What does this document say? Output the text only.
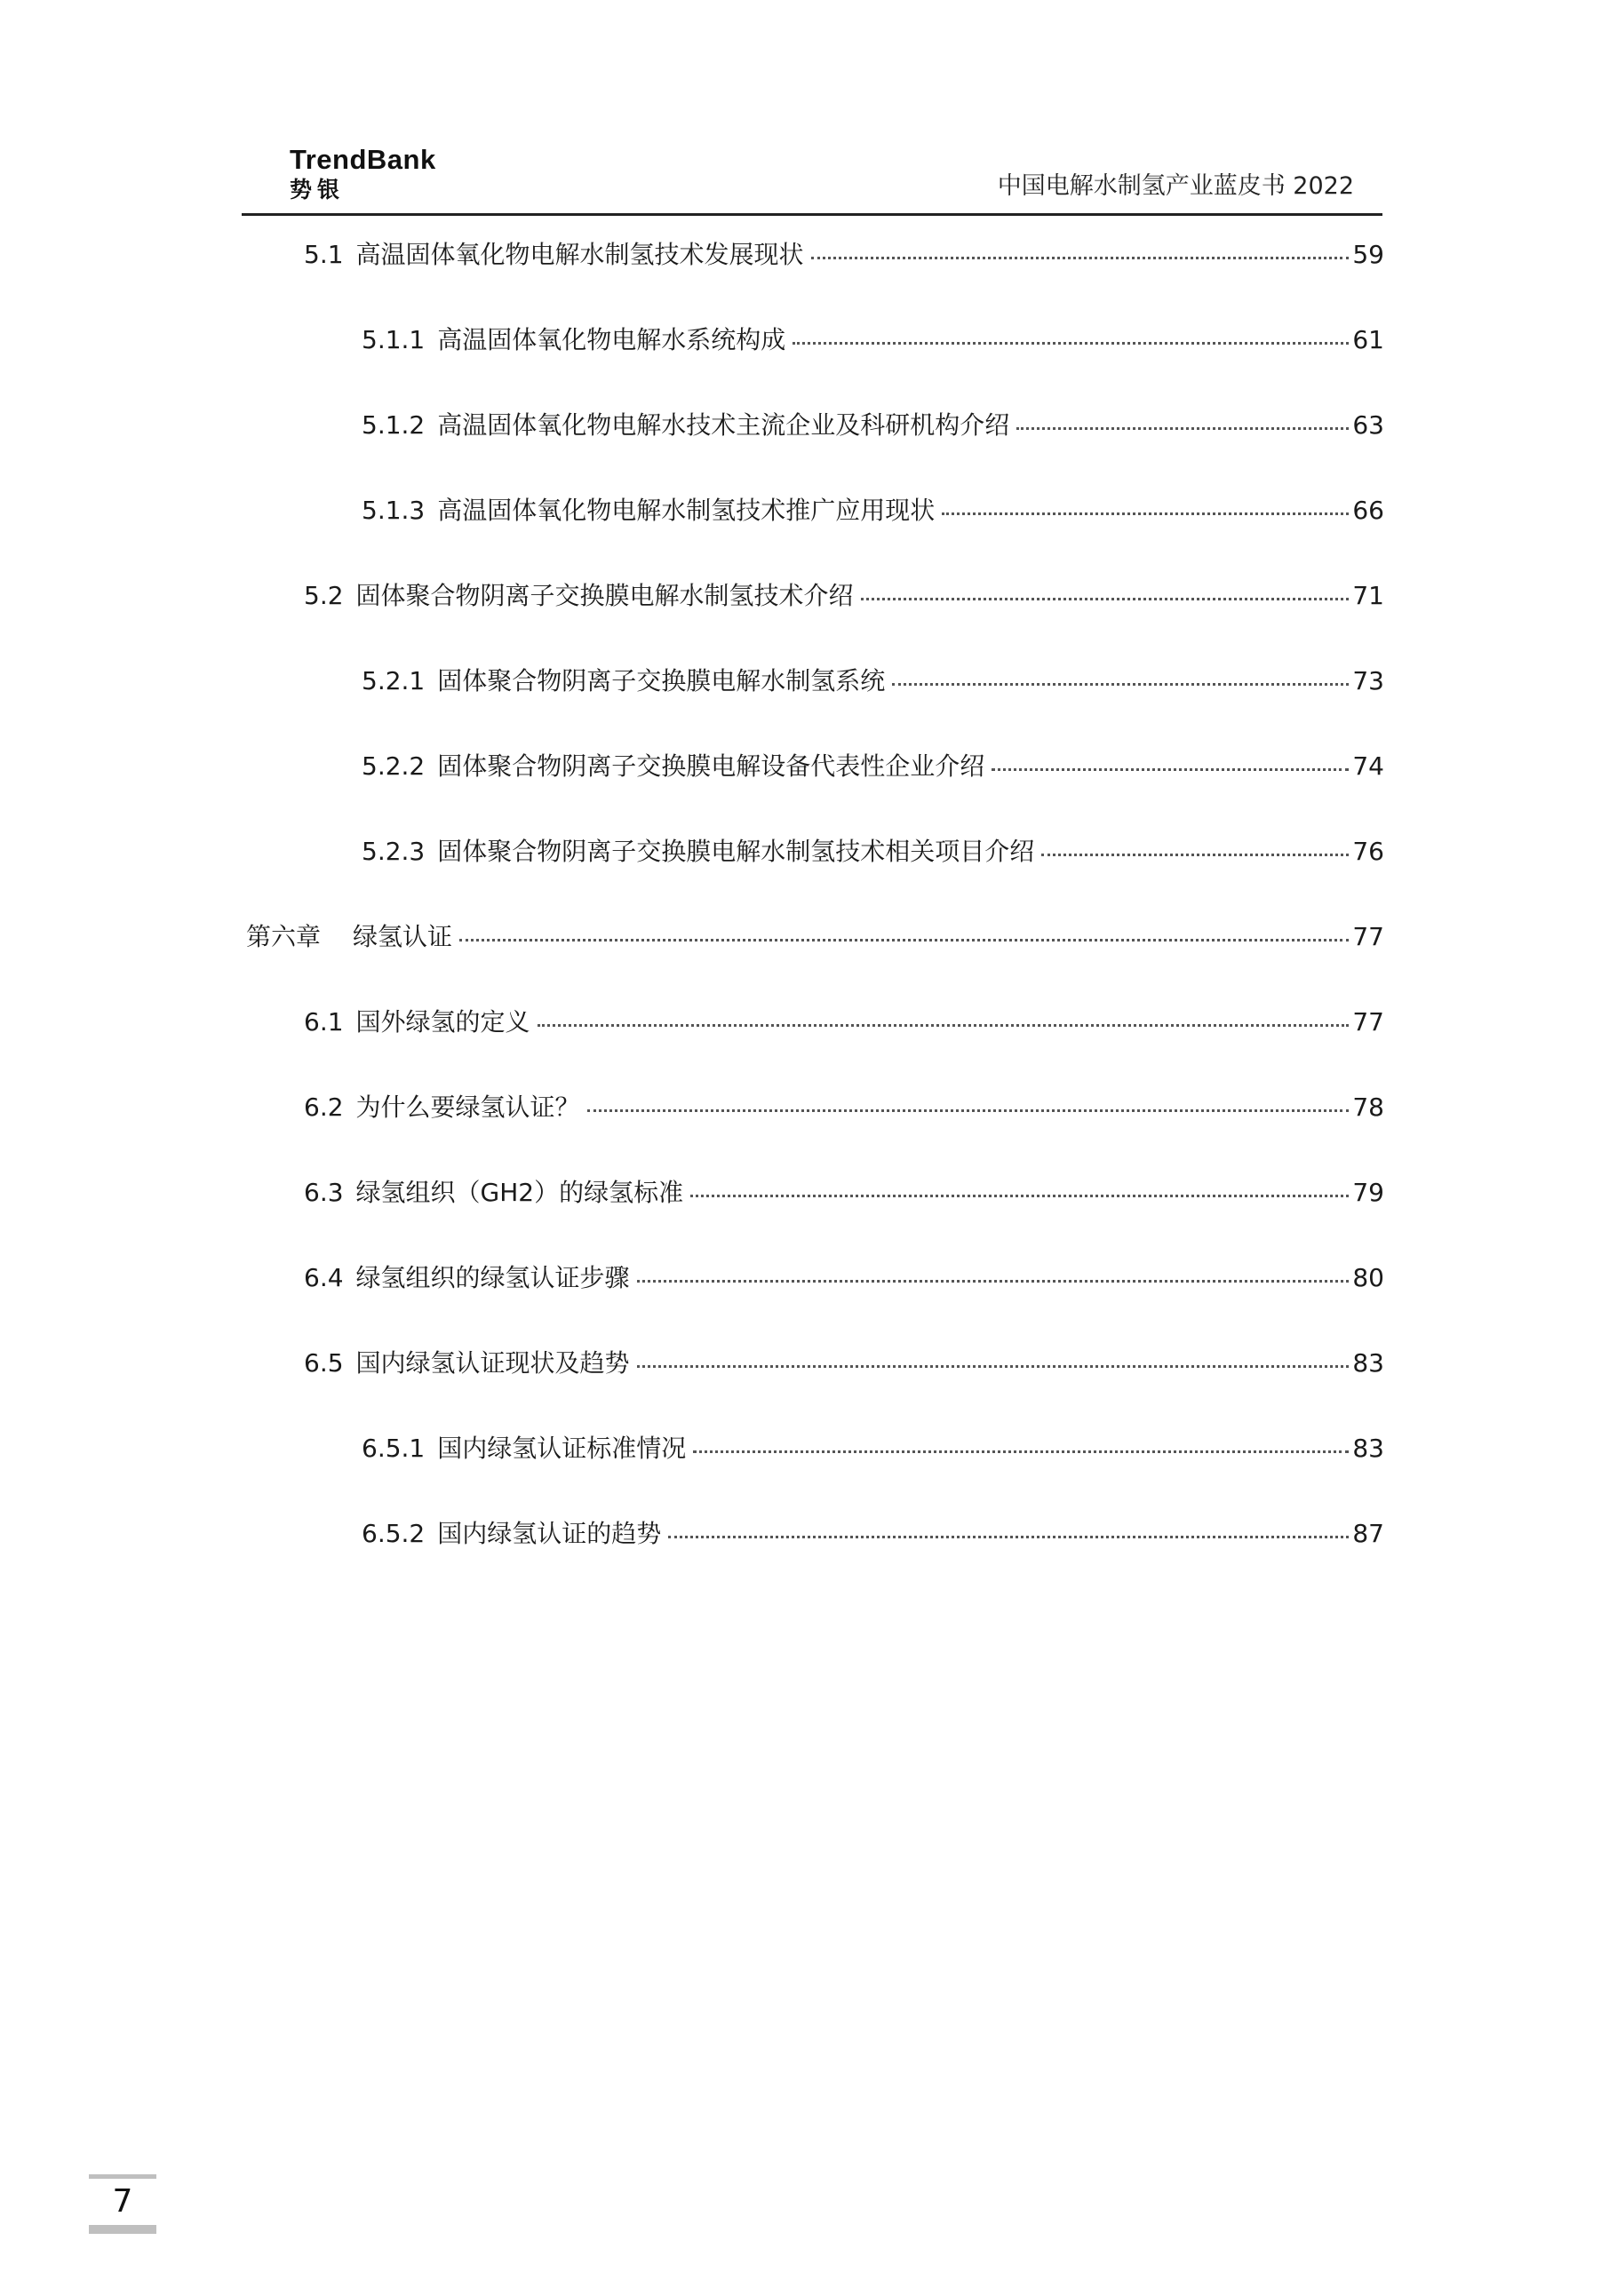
TrendBank
势银	中国电解水制氢产业蓝皮书 2022
5.1 高温固体氧化物电解水制氢技术发展现状	59
5.1.1 高温固体氧化物电解水系统构成	61
5.1.2 高温固体氧化物电解水技术主流企业及科研机构介绍	63
5.1.3 高温固体氧化物电解水制氢技术推广应用现状	66
5.2 固体聚合物阴离子交换膜电解水制氢技术介绍	71
5.2.1 固体聚合物阴离子交换膜电解水制氢系统	73
5.2.2 固体聚合物阴离子交换膜电解设备代表性企业介绍	74
5.2.3 固体聚合物阴离子交换膜电解水制氢技术相关项目介绍	76
第六章 绿氢认证	77
6.1 国外绿氢的定义	77
6.2 为什么要绿氢认证？	78
6.3 绿氢组织（GH2）的绿氢标准	79
6.4 绿氢组织的绿氢认证步骤	80
6.5 国内绿氢认证现状及趋势	83
6.5.1 国内绿氢认证标准情况	83
6.5.2 国内绿氢认证的趋势	87
7
